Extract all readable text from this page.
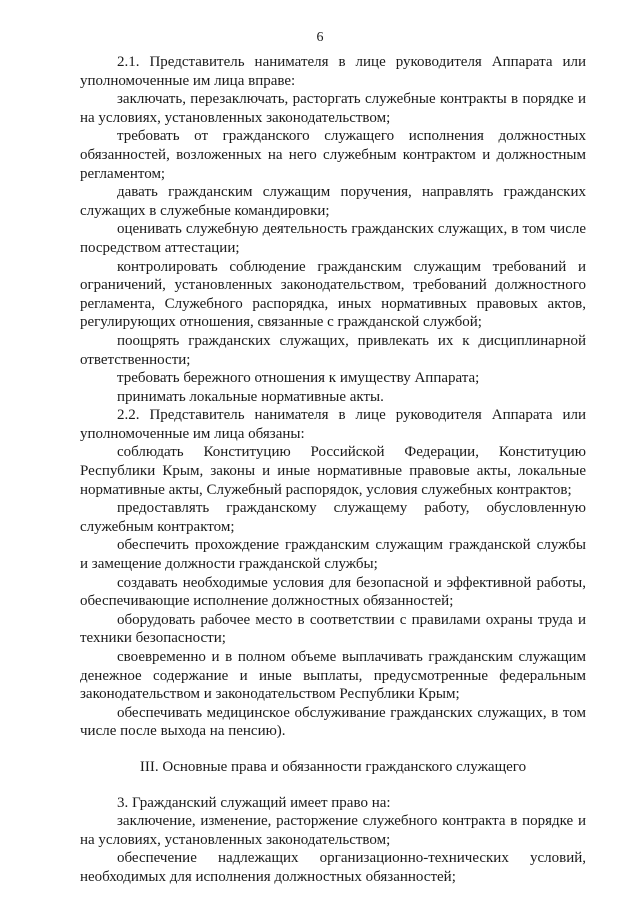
6

2.1. Представитель нанимателя в лице руководителя Аппарата или уполномоченные им лица вправе:

заключать, перезаключать, расторгать служебные контракты в порядке и на условиях, установленных законодательством;

требовать от гражданского служащего исполнения должностных обязанностей, возложенных на него служебным контрактом и должностным регламентом;

давать гражданским служащим поручения, направлять гражданских служащих в служебные командировки;

оценивать служебную деятельность гражданских служащих, в том числе посредством аттестации;

контролировать соблюдение гражданским служащим требований и ограничений, установленных законодательством, требований должностного регламента, Служебного распорядка, иных нормативных правовых актов, регулирующих отношения, связанные с гражданской службой;

поощрять гражданских служащих, привлекать их к дисциплинарной ответственности;

требовать бережного отношения к имуществу Аппарата;

принимать локальные нормативные акты.

2.2. Представитель нанимателя в лице руководителя Аппарата или уполномоченные им лица обязаны:

соблюдать Конституцию Российской Федерации, Конституцию Республики Крым, законы и иные нормативные правовые акты, локальные нормативные акты, Служебный распорядок, условия служебных контрактов;

предоставлять гражданскому служащему работу, обусловленную служебным контрактом;

обеспечить прохождение гражданским служащим гражданской службы и замещение должности гражданской службы;

создавать необходимые условия для безопасной и эффективной работы, обеспечивающие исполнение должностных обязанностей;

оборудовать рабочее место в соответствии с правилами охраны труда и техники безопасности;

своевременно и в полном объеме выплачивать гражданским служащим денежное содержание и иные выплаты, предусмотренные федеральным законодательством и законодательством Республики Крым;

обеспечивать медицинское обслуживание гражданских служащих, в том числе после выхода на пенсию).

III. Основные права и обязанности гражданского служащего

3. Гражданский служащий имеет право на:

заключение, изменение, расторжение служебного контракта в порядке и на условиях, установленных законодательством;

обеспечение надлежащих организационно-технических условий, необходимых для исполнения должностных обязанностей;
